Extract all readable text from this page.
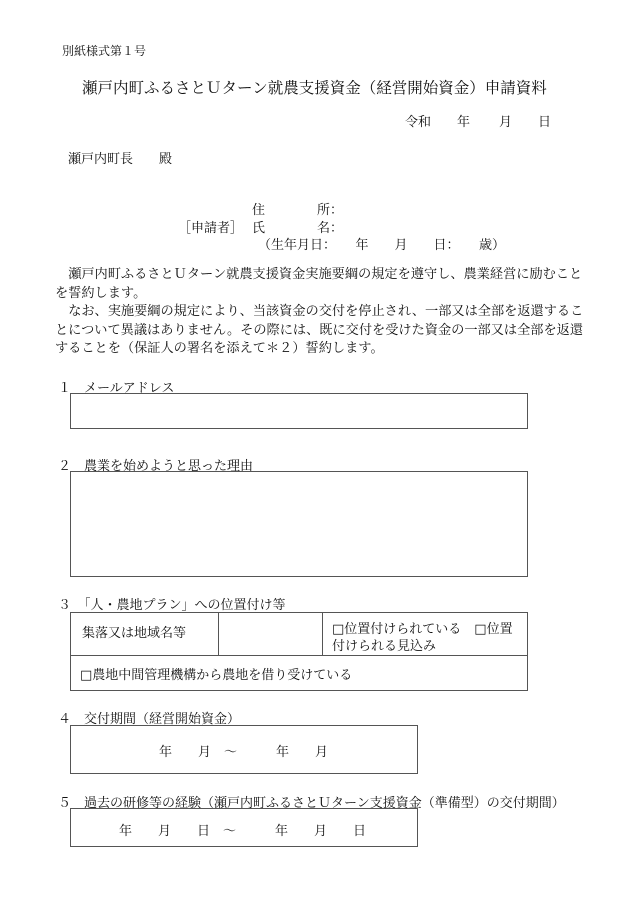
別紙様式第１号
瀬戸内町ふるさとＵターン就農支援資金（経営開始資金）申請資料
令和 年 月 日
瀬戸内町長　　殿
住　　　　所：
［申請者］ 氏　　　　名：
（生年月日：　　年　　月　　日：　　歳）

瀬戸内町ふるさとＵターン就農支援資金実施要綱の規定を遵守し、農業経営に励むことを誓約します。

なお、実施要綱の規定により、当該資金の交付を停止され、一部又は全部を返還することについて異議はありません。その際には、既に交付を受けた資金の一部又は全部を返還することを（保証人の署名を添えて＊２）誓約します。

１　メールアドレス
２　農業を始めようと思った理由
３　「人・農地プラン」への位置付け等
集落又は地域名等	□位置付けられている　□位置付けられる見込み
□農地中間管理機構から農地を借り受けている
４　交付期間（経営開始資金）
年　　月　～　　　年　　月
５　過去の研修等の経験（瀬戸内町ふるさとＵターン支援資金（準備型）の交付期間）
年　　月　　日　～　　　年　　月　　日
